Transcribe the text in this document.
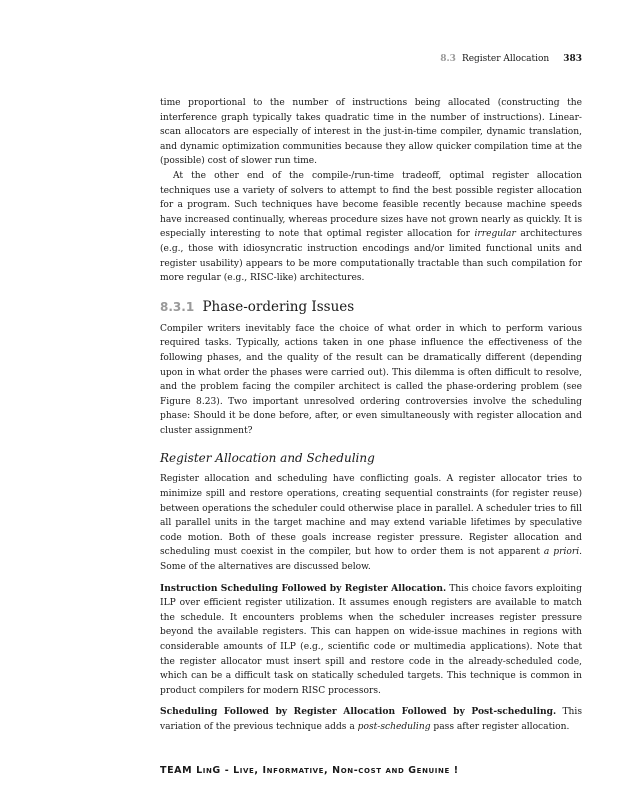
8.3 Register Allocation 383

time proportional to the number of instructions being allocated (constructing the interference graph typically takes quadratic time in the number of instructions). Linear-scan allocators are especially of interest in the just-in-time compiler, dynamic translation, and dynamic optimization communities because they allow quicker compilation time at the (possible) cost of slower run time.

At the other end of the compile-/run-time tradeoff, optimal register allocation techniques use a variety of solvers to attempt to find the best possible register allocation for a program. Such techniques have become feasible recently because machine speeds have increased continually, whereas procedure sizes have not grown nearly as quickly. It is especially interesting to note that optimal register allocation for irregular architectures (e.g., those with idiosyncratic instruction encodings and/or limited functional units and register usability) appears to be more computationally tractable than such compilation for more regular (e.g., RISC-like) architectures.

8.3.1 Phase-ordering Issues

Compiler writers inevitably face the choice of what order in which to perform various required tasks. Typically, actions taken in one phase influence the effectiveness of the following phases, and the quality of the result can be dramatically different (depending upon in what order the phases were carried out). This dilemma is often difficult to resolve, and the problem facing the compiler architect is called the phase-ordering problem (see Figure 8.23). Two important unresolved ordering controversies involve the scheduling phase: Should it be done before, after, or even simultaneously with register allocation and cluster assignment?

Register Allocation and Scheduling

Register allocation and scheduling have conflicting goals. A register allocator tries to minimize spill and restore operations, creating sequential constraints (for register reuse) between operations the scheduler could otherwise place in parallel. A scheduler tries to fill all parallel units in the target machine and may extend variable lifetimes by speculative code motion. Both of these goals increase register pressure. Register allocation and scheduling must coexist in the compiler, but how to order them is not apparent a priori. Some of the alternatives are discussed below.

Instruction Scheduling Followed by Register Allocation. This choice favors exploiting ILP over efficient register utilization. It assumes enough registers are available to match the schedule. It encounters problems when the scheduler increases register pressure beyond the available registers. This can happen on wide-issue machines in regions with considerable amounts of ILP (e.g., scientific code or multimedia applications). Note that the register allocator must insert spill and restore code in the already-scheduled code, which can be a difficult task on statically scheduled targets. This technique is common in product compilers for modern RISC processors.

Scheduling Followed by Register Allocation Followed by Post-scheduling. This variation of the previous technique adds a post-scheduling pass after register allocation.

TEAM LinG - Live, Informative, Non-cost and Genuine !
